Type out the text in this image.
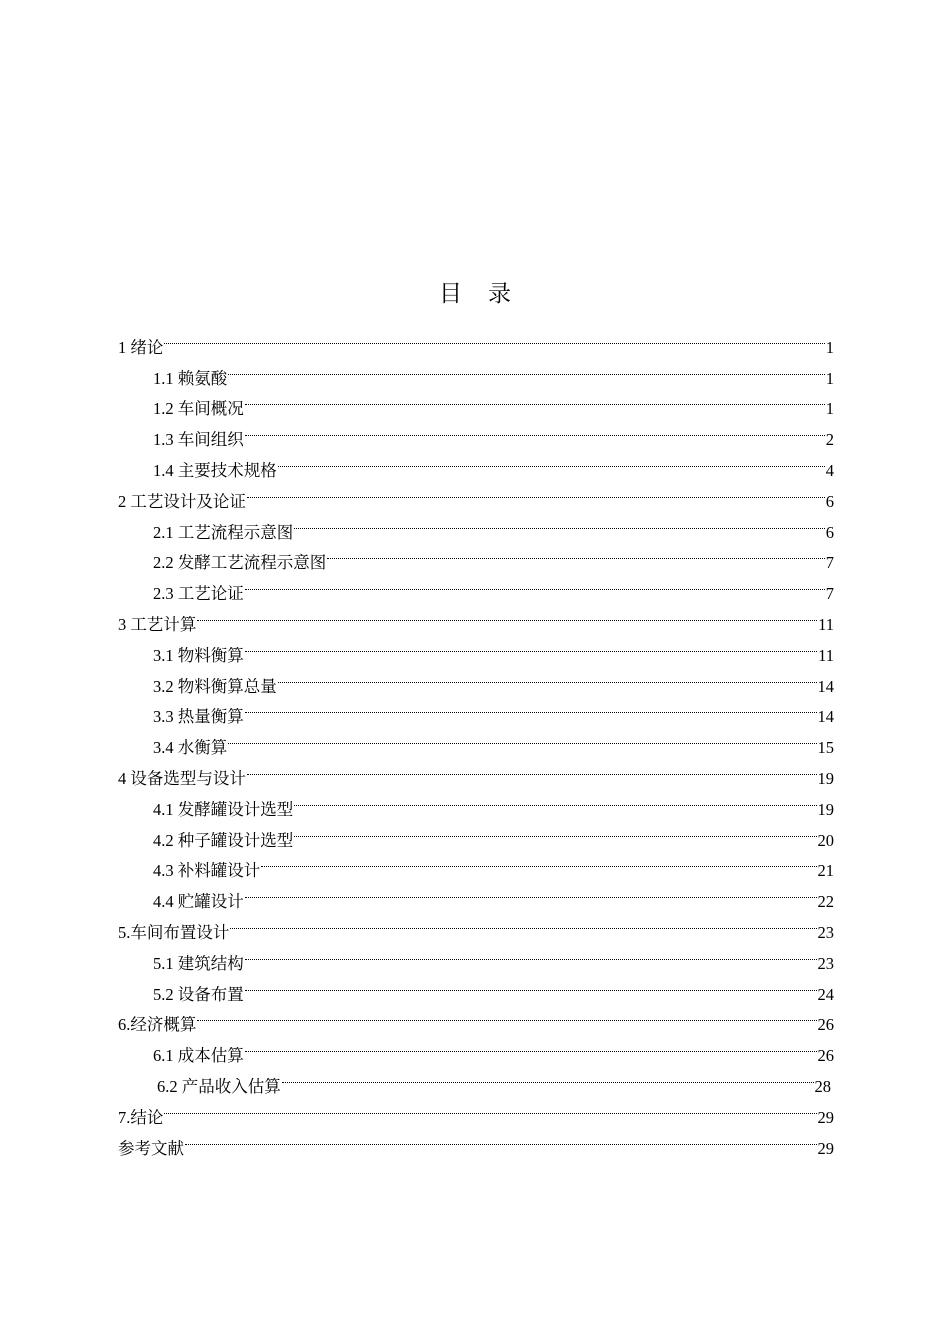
目 录
1 绪论	1
1.1 赖氨酸	1
1.2 车间概况	1
1.3 车间组织	2
1.4 主要技术规格	4
2 工艺设计及论证	6
2.1 工艺流程示意图	6
2.2 发酵工艺流程示意图	7
2.3 工艺论证	7
3 工艺计算	11
3.1 物料衡算	11
3.2 物料衡算总量	14
3.3 热量衡算	14
3.4 水衡算	15
4 设备选型与设计	19
4.1 发酵罐设计选型	19
4.2 种子罐设计选型	20
4.3 补料罐设计	21
4.4 贮罐设计	22
5.车间布置设计	23
5.1 建筑结构	23
5.2 设备布置	24
6.经济概算	26
6.1 成本估算	26
6.2 产品收入估算	28
7.结论	29
参考文献	29
